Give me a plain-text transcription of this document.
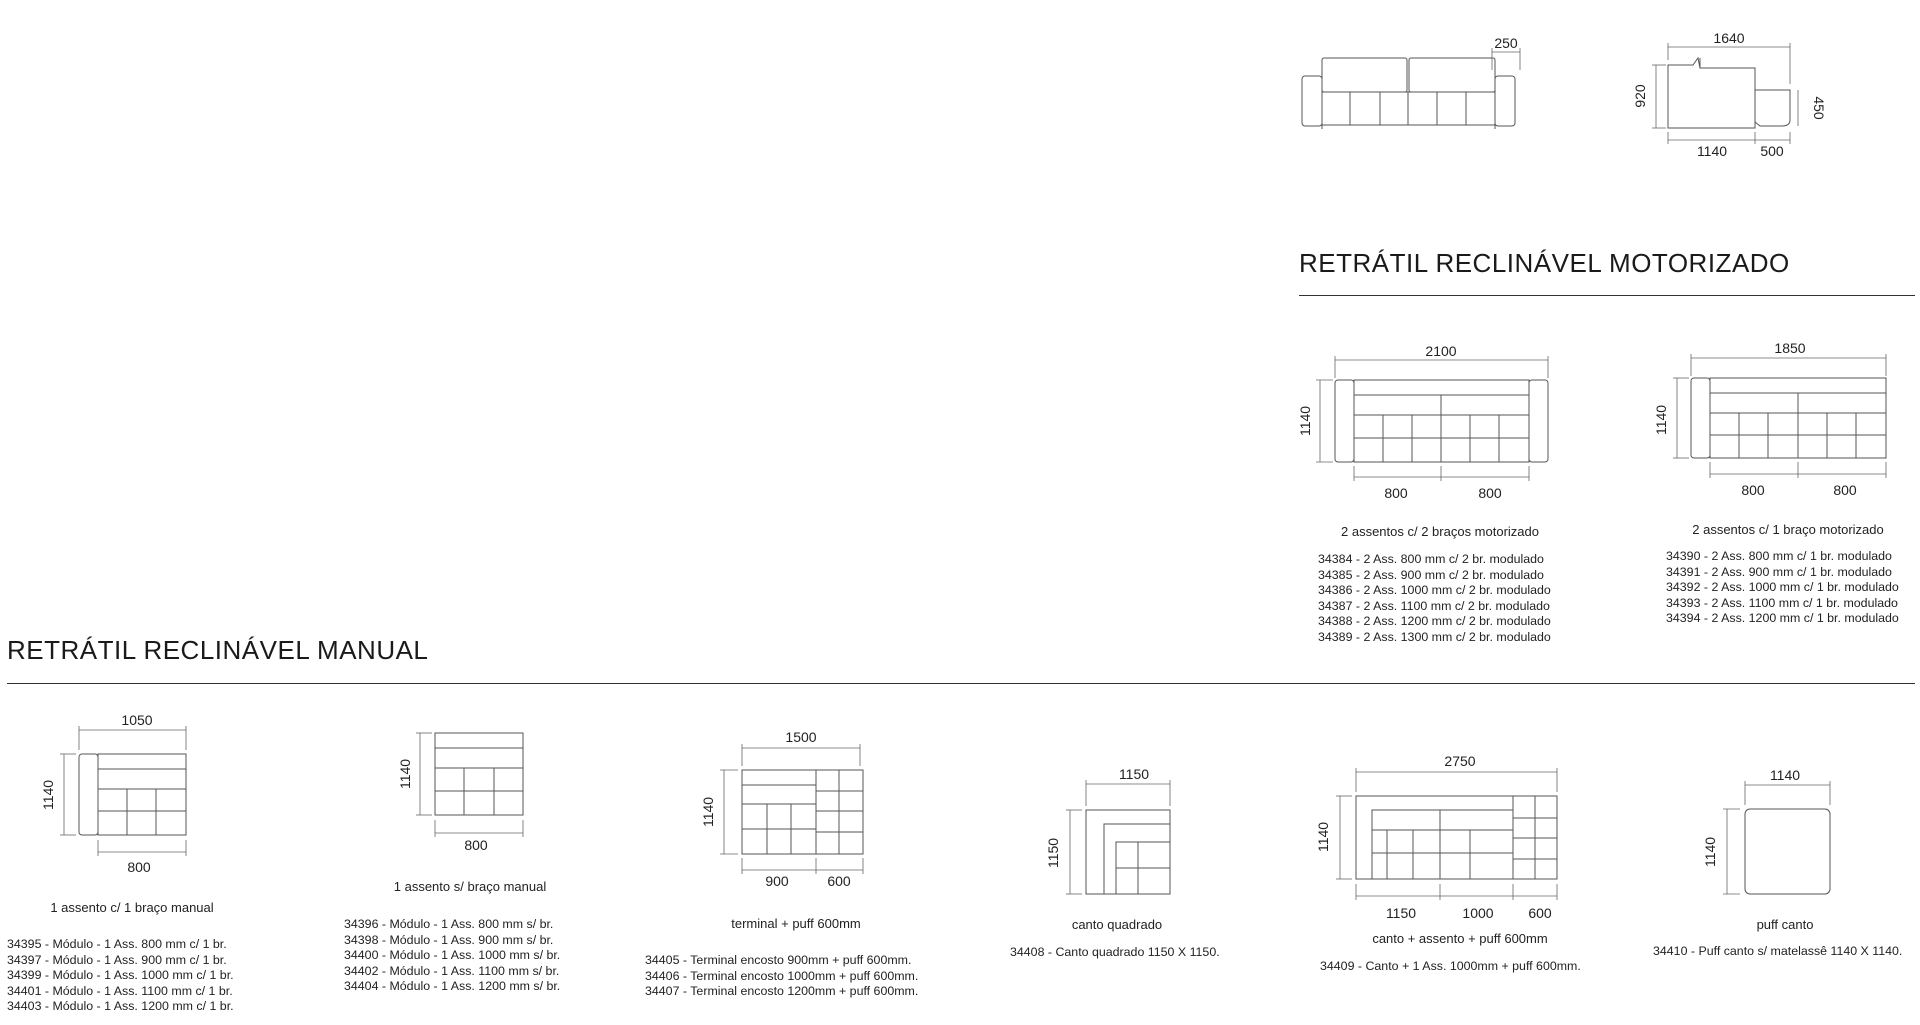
250	1640
920
450
1140 500
2100
1140
800	800
1850
1140
800	800
1050
1140
800
1140
800
1500
1140
900	600
1150
1150
2750
1140
1150	1000 600
1140
1140
RETRÁTIL RECLINÁVEL MOTORIZADO
RETRÁTIL RECLINÁVEL MANUAL
2 assentos c/ 2 braços motorizado
34384 - 2 Ass. 800 mm c/ 2 br. modulado
34385 - 2 Ass. 900 mm c/ 2 br. modulado
34386 - 2 Ass. 1000 mm c/ 2 br. modulado
34387 - 2 Ass. 1100 mm c/ 2 br. modulado
34388 - 2 Ass. 1200 mm c/ 2 br. modulado
34389 - 2 Ass. 1300 mm c/ 2 br. modulado
2 assentos c/ 1 braço motorizado
34390 - 2 Ass. 800 mm c/ 1 br. modulado
34391 - 2 Ass. 900 mm c/ 1 br. modulado
34392 - 2 Ass. 1000 mm c/ 1 br. modulado
34393 - 2 Ass. 1100 mm c/ 1 br. modulado
34394 - 2 Ass. 1200 mm c/ 1 br. modulado
1 assento c/ 1 braço manual
34395 - Módulo - 1 Ass. 800 mm c/ 1 br.
34397 - Módulo - 1 Ass. 900 mm c/ 1 br.
34399 - Módulo - 1 Ass. 1000 mm c/ 1 br.
34401 - Módulo - 1 Ass. 1100 mm c/ 1 br.
34403 - Módulo - 1 Ass. 1200 mm c/ 1 br.
1 assento s/ braço manual
34396 - Módulo - 1 Ass. 800 mm s/ br.
34398 - Módulo - 1 Ass. 900 mm s/ br.
34400 - Módulo - 1 Ass. 1000 mm s/ br.
34402 - Módulo - 1 Ass. 1100 mm s/ br.
34404 - Módulo - 1 Ass. 1200 mm s/ br.
terminal + puff 600mm
34405 - Terminal encosto 900mm + puff 600mm.
34406 - Terminal encosto 1000mm + puff 600mm.
34407 - Terminal encosto 1200mm + puff 600mm.
canto quadrado
34408 - Canto quadrado 1150 X 1150.
canto + assento + puff 600mm
34409 - Canto + 1 Ass. 1000mm + puff 600mm.
puff canto
34410 - Puff canto s/ matelassê 1140 X 1140.
